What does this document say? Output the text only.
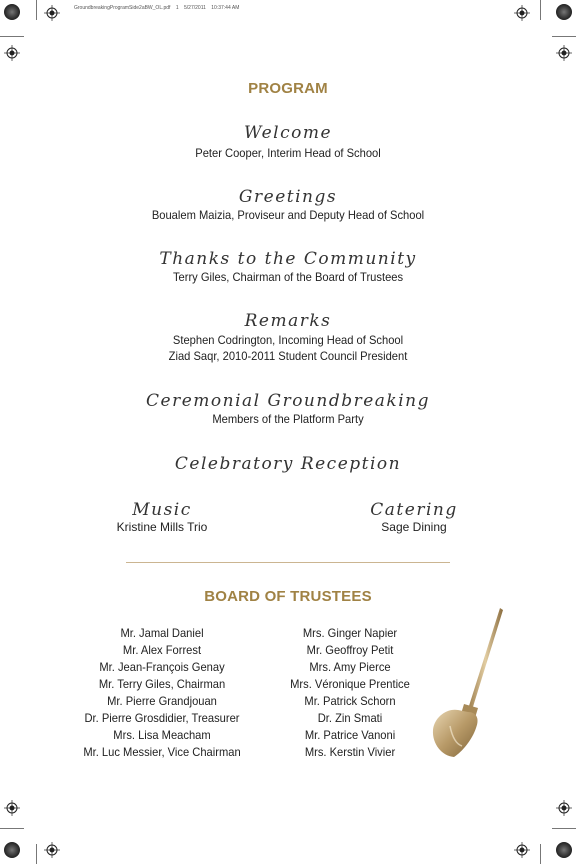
GroundbreakingProgramSide2aBW_OL.pdf 1 5/27/2011 10:37:44 AM
PROGRAM
Welcome
Peter Cooper, Interim Head of School
Greetings
Boualem Maizia, Proviseur and Deputy Head of School
Thanks to the Community
Terry Giles, Chairman of the Board of Trustees
Remarks
Stephen Codrington, Incoming Head of School
Ziad Saqr, 2010-2011 Student Council President
Ceremonial Groundbreaking
Members of the Platform Party
Celebratory Reception
Music
Kristine Mills Trio
Catering
Sage Dining
BOARD OF TRUSTEES
Mr. Jamal Daniel
Mr. Alex Forrest
Mr. Jean-François Genay
Mr. Terry Giles, Chairman
Mr. Pierre Grandjouan
Dr. Pierre Grosdidier, Treasurer
Mrs. Lisa Meacham
Mr. Luc Messier, Vice Chairman
Mrs. Ginger Napier
Mr. Geoffroy Petit
Mrs. Amy Pierce
Mrs. Véronique Prentice
Mr. Patrick Schorn
Dr. Zin Smati
Mr. Patrice Vanoni
Mrs. Kerstin Vivier
